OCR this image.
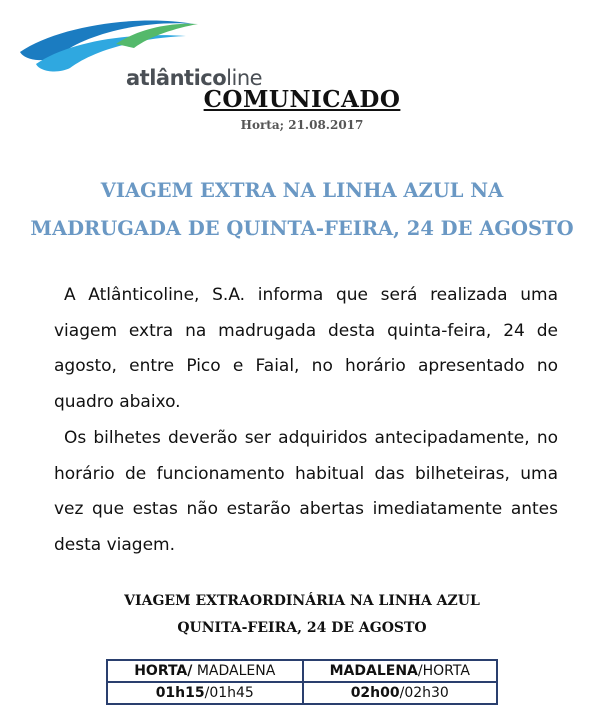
atlânticoline
COMUNICADO
Horta; 21.08.2017
VIAGEM EXTRA NA LINHA AZUL NA
MADRUGADA DE QUINTA-FEIRA, 24 DE AGOSTO

A Atlânticoline, S.A. informa que será realizada uma viagem extra na madrugada desta quinta-feira, 24 de agosto, entre Pico e Faial, no horário apresentado no quadro abaixo.

Os bilhetes deverão ser adquiridos antecipadamente, no horário de funcionamento habitual das bilheteiras, uma vez que estas não estarão abertas imediatamente antes desta viagem.

VIAGEM EXTRAORDINÁRIA NA LINHA AZUL
QUNITA-FEIRA, 24 DE AGOSTO
HORTA/ MADALENA	MADALENA/HORTA
01h15/01h45	02h00/02h30
